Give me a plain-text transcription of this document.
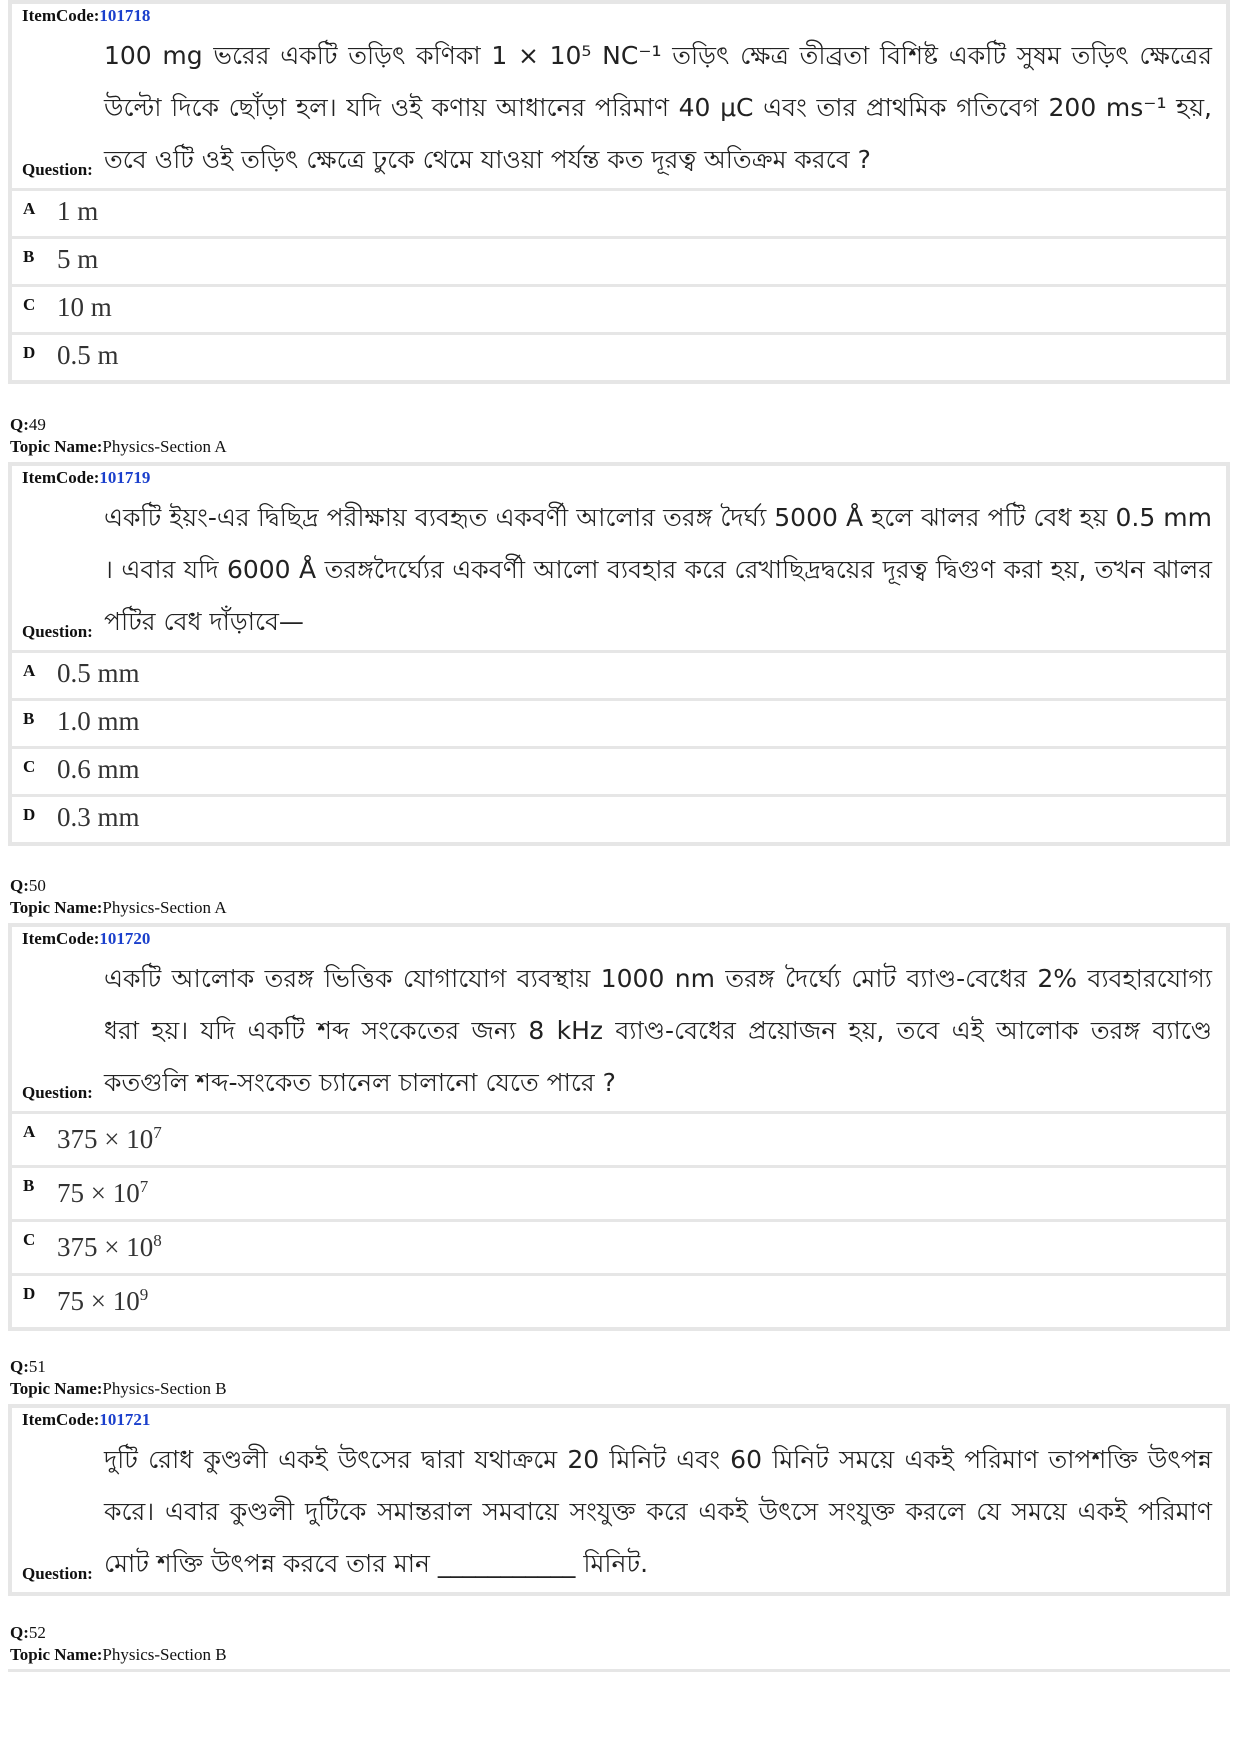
ItemCode:101718
Question:
100 mg ভরের একটি তড়িৎ কণিকা 1 × 10⁵ NC⁻¹ তড়িৎ ক্ষেত্র তীব্রতা বিশিষ্ট একটি সুষম তড়িৎ ক্ষেত্রের উল্টো দিকে ছোঁড়া হল। যদি ওই কণায় আধানের পরিমাণ 40 μC এবং তার প্রাথমিক গতিবেগ 200 ms⁻¹ হয়, তবে ওটি ওই তড়িৎ ক্ষেত্রে ঢুকে থেমে যাওয়া পর্যন্ত কত দূরত্ব অতিক্রম করবে ?
A 1 m
B 5 m
C 10 m
D 0.5 m
Q:49
Topic Name:Physics-Section A
ItemCode:101719
Question:
একটি ইয়ং-এর দ্বিছিদ্র পরীক্ষায় ব্যবহৃত একবর্ণী আলোর তরঙ্গ দৈর্ঘ্য 5000 Å হলে ঝালর পটি বেধ হয় 0.5 mm । এবার যদি 6000 Å তরঙ্গদৈর্ঘ্যের একবর্ণী আলো ব্যবহার করে রেখাছিদ্রদ্বয়ের দূরত্ব দ্বিগুণ করা হয়, তখন ঝালর পটির বেধ দাঁড়াবে—
A 0.5 mm
B 1.0 mm
C 0.6 mm
D 0.3 mm
Q:50
Topic Name:Physics-Section A
ItemCode:101720
Question:
একটি আলোক তরঙ্গ ভিত্তিক যোগাযোগ ব্যবস্থায় 1000 nm তরঙ্গ দৈর্ঘ্যে মোট ব্যাণ্ড-বেধের 2% ব্যবহারযোগ্য ধরা হয়। যদি একটি শব্দ সংকেতের জন্য 8 kHz ব্যাণ্ড-বেধের প্রয়োজন হয়, তবে এই আলোক তরঙ্গ ব্যাণ্ডে কতগুলি শব্দ-সংকেত চ্যানেল চালানো যেতে পারে ?
A $375 \times 10^7$
B $75 \times 10^7$
C $375 \times 10^8$
D $75 \times 10^9$
Q:51
Topic Name:Physics-Section B
ItemCode:101721
Question:
দুটি রোধ কুণ্ডলী একই উৎসের দ্বারা যথাক্রমে 20 মিনিট এবং 60 মিনিট সময়ে একই পরিমাণ তাপশক্তি উৎপন্ন করে। এবার কুণ্ডলী দুটিকে সমান্তরাল সমবায়ে সংযুক্ত করে একই উৎসে সংযুক্ত করলে যে সময়ে একই পরিমাণ মোট শক্তি উৎপন্ন করবে তার মান ___________ মিনিট.
Q:52
Topic Name:Physics-Section B
